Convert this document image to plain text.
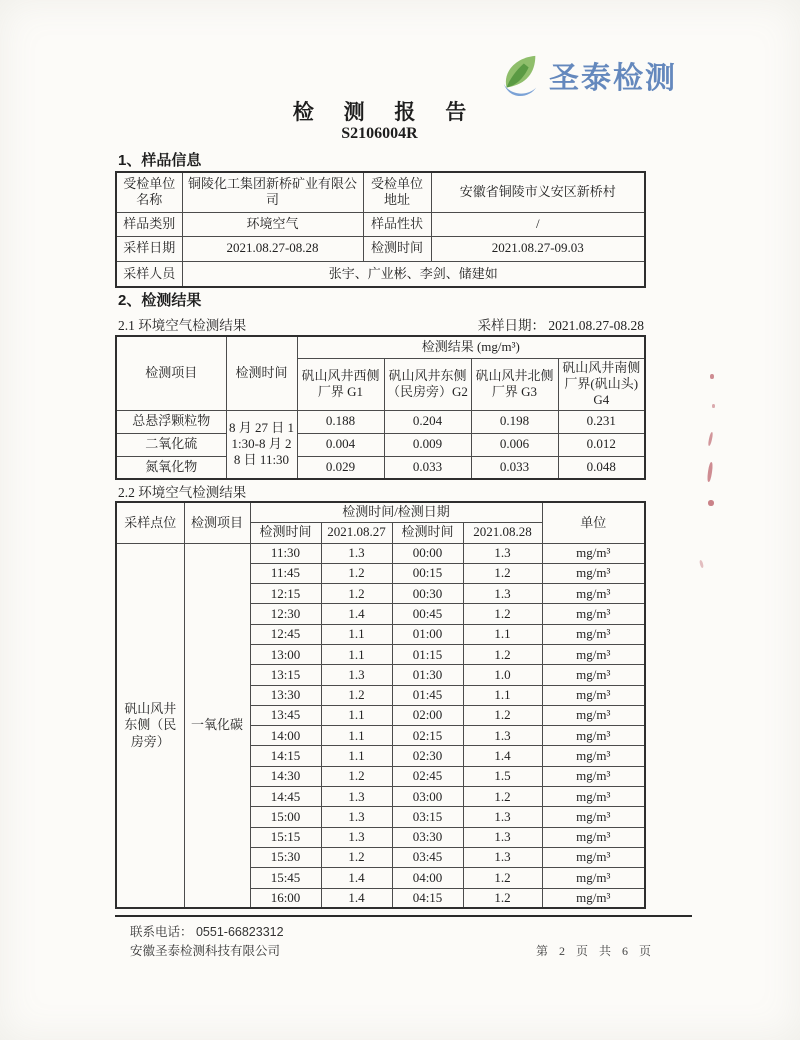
圣泰检测
检 测 报 告
S2106004R
1、样品信息
受检单位名称	铜陵化工集团新桥矿业有限公司	受检单位地址	安徽省铜陵市义安区新桥村
样品类别	环境空气	样品性状	/
采样日期	2021.08.27-08.28	检测时间	2021.08.27-09.03
采样人员	张宇、广业彬、李剑、储建如		
2、检测结果
2.1 环境空气检测结果	采样日期： 2021.08.27-08.28
检测项目	检测时间	检测结果 (mg/m³)			
		矾山风井西侧厂界 G1	矾山风井东侧（民房旁）G2	矾山风井北侧厂界 G3	矾山风井南侧厂界(矾山头) G4
总悬浮颗粒物	8 月 27 日 11:30-8 月 28 日 11:30	0.188	0.204	0.198	0.231
二氧化硫		0.004	0.009	0.006	0.012
氮氧化物		0.029	0.033	0.033	0.048
2.2 环境空气检测结果
采样点位	检测项目	检测时间/检测日期				单位
		检测时间	2021.08.27	检测时间	2021.08.28	
矾山风井东侧（民房旁）	一氧化碳	11:30	1.3	00:00	1.3	mg/m³
		11:45	1.2	00:15	1.2	mg/m³
		12:15	1.2	00:30	1.3	mg/m³
		12:30	1.4	00:45	1.2	mg/m³
		12:45	1.1	01:00	1.1	mg/m³
		13:00	1.1	01:15	1.2	mg/m³
		13:15	1.3	01:30	1.0	mg/m³
		13:30	1.2	01:45	1.1	mg/m³
		13:45	1.1	02:00	1.2	mg/m³
		14:00	1.1	02:15	1.3	mg/m³
		14:15	1.1	02:30	1.4	mg/m³
		14:30	1.2	02:45	1.5	mg/m³
		14:45	1.3	03:00	1.2	mg/m³
		15:00	1.3	03:15	1.3	mg/m³
		15:15	1.3	03:30	1.3	mg/m³
		15:30	1.2	03:45	1.3	mg/m³
		15:45	1.4	04:00	1.2	mg/m³
		16:00	1.4	04:15	1.2	mg/m³
联系电话： 0551-66823312
安徽圣泰检测科技有限公司	第 2 页 共 6 页
